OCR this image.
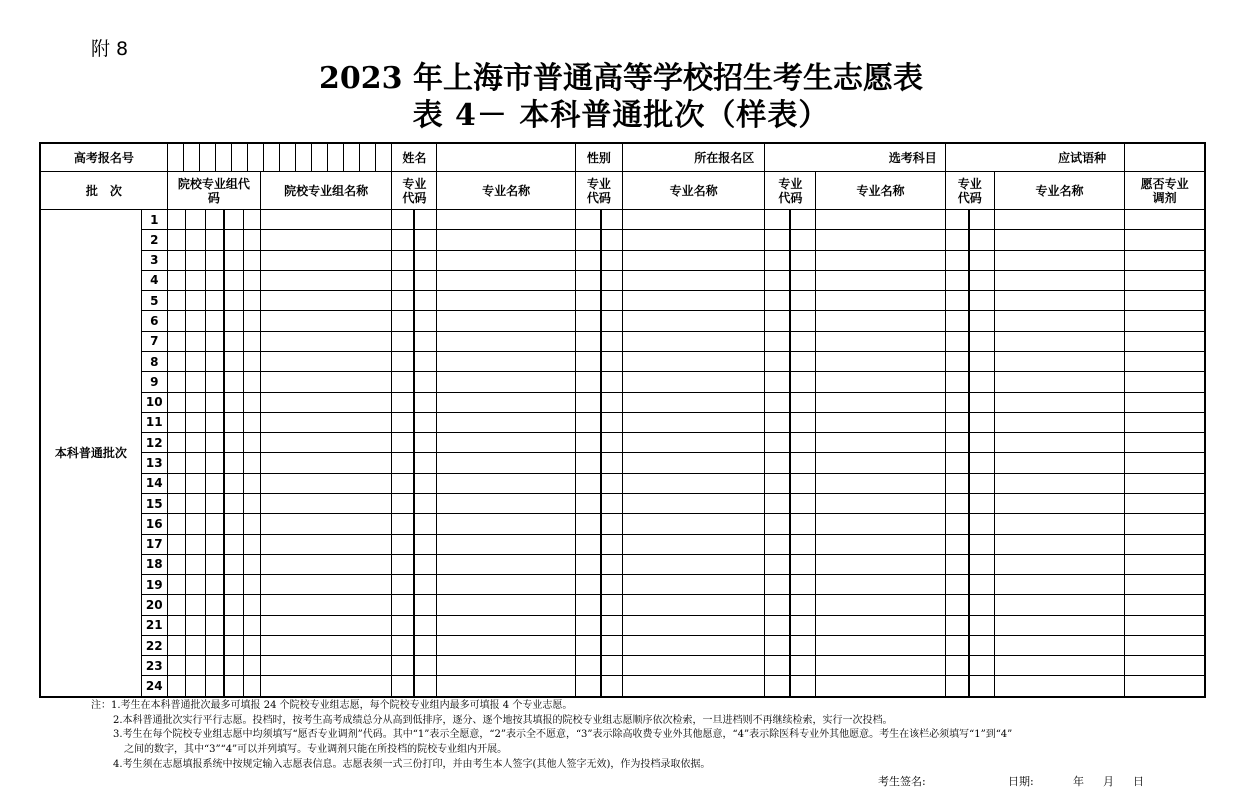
附 8
2023 年上海市普通高等学校招生考生志愿表
表 4－ 本科普通批次（样表）
高考报名号								姓名			性别		所在报名区	选考科目			应试语种			
批　次		院校专业组代码					院校专业组名称	专业代码		专业名称	专业代码		专业名称	专业代码		专业名称	专业代码		专业名称	愿否专业调剂
本科普通批次	1																			
	2																			
	3																			
	4																			
	5																			
	6																			
	7																			
	8																			
	9																			
	10																			
	11																			
	12																			
	13																			
	14																			
	15																			
	16																			
	17																			
	18																			
	19																			
	20																			
	21																			
	22																			
	23																			
	24																			
注：1.考生在本科普通批次最多可填报 24 个院校专业组志愿，每个院校专业组内最多可填报 4 个专业志愿。
2.本科普通批次实行平行志愿。投档时，按考生高考成绩总分从高到低排序，逐分、逐个地按其填报的院校专业组志愿顺序依次检索，一旦进档则不再继续检索，实行一次投档。
3.考生在每个院校专业组志愿中均须填写“愿否专业调剂”代码。其中“1”表示全愿意，“2”表示全不愿意，“3”表示除高收费专业外其他愿意，“4”表示除医科专业外其他愿意。考生在该栏必须填写“1”到“4”
之间的数字，其中“3”“4”可以并列填写。专业调剂只能在所投档的院校专业组内开展。
4.考生须在志愿填报系统中按规定输入志愿表信息。志愿表须一式三份打印，并由考生本人签字(其他人签字无效)，作为投档录取依据。
考生签名:	日期:	年 月 日
